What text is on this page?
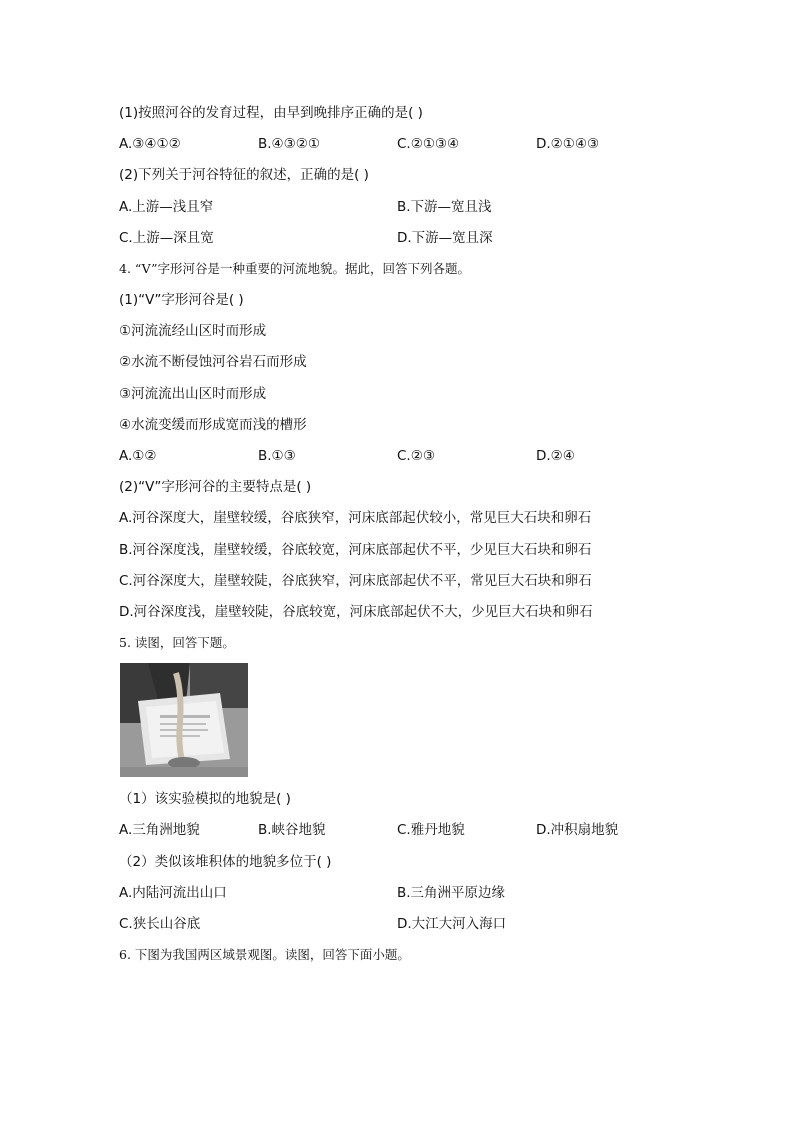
(1)按照河谷的发育过程，由早到晚排序正确的是( )
A.③④①②	B.④③②①	C.②①③④	D.②①④③
(2)下列关于河谷特征的叙述，正确的是( )
A.上游—浅且窄	B.下游—宽且浅
C.上游—深且宽	D.下游—宽且深
4. “V”字形河谷是一种重要的河流地貌。据此，回答下列各题。
(1)“V”字形河谷是( )
①河流流经山区时而形成
②水流不断侵蚀河谷岩石而形成
③河流流出山区时而形成
④水流变缓而形成宽而浅的槽形
A.①②	B.①③	C.②③	D.②④
(2)“V”字形河谷的主要特点是( )
A.河谷深度大，崖壁较缓，谷底狭窄，河床底部起伏较小，常见巨大石块和卵石
B.河谷深度浅，崖壁较缓，谷底较宽，河床底部起伏不平，少见巨大石块和卵石
C.河谷深度大，崖壁较陡，谷底狭窄，河床底部起伏不平，常见巨大石块和卵石
D.河谷深度浅，崖壁较陡，谷底较宽，河床底部起伏不大，少见巨大石块和卵石
5. 读图，回答下题。
（1）该实验模拟的地貌是( )
A.三角洲地貌	B.峡谷地貌	C.雅丹地貌	D.冲积扇地貌
（2）类似该堆积体的地貌多位于( )
A.内陆河流出山口	B.三角洲平原边缘
C.狭长山谷底	D.大江大河入海口
6. 下图为我国两区域景观图。读图，回答下面小题。
